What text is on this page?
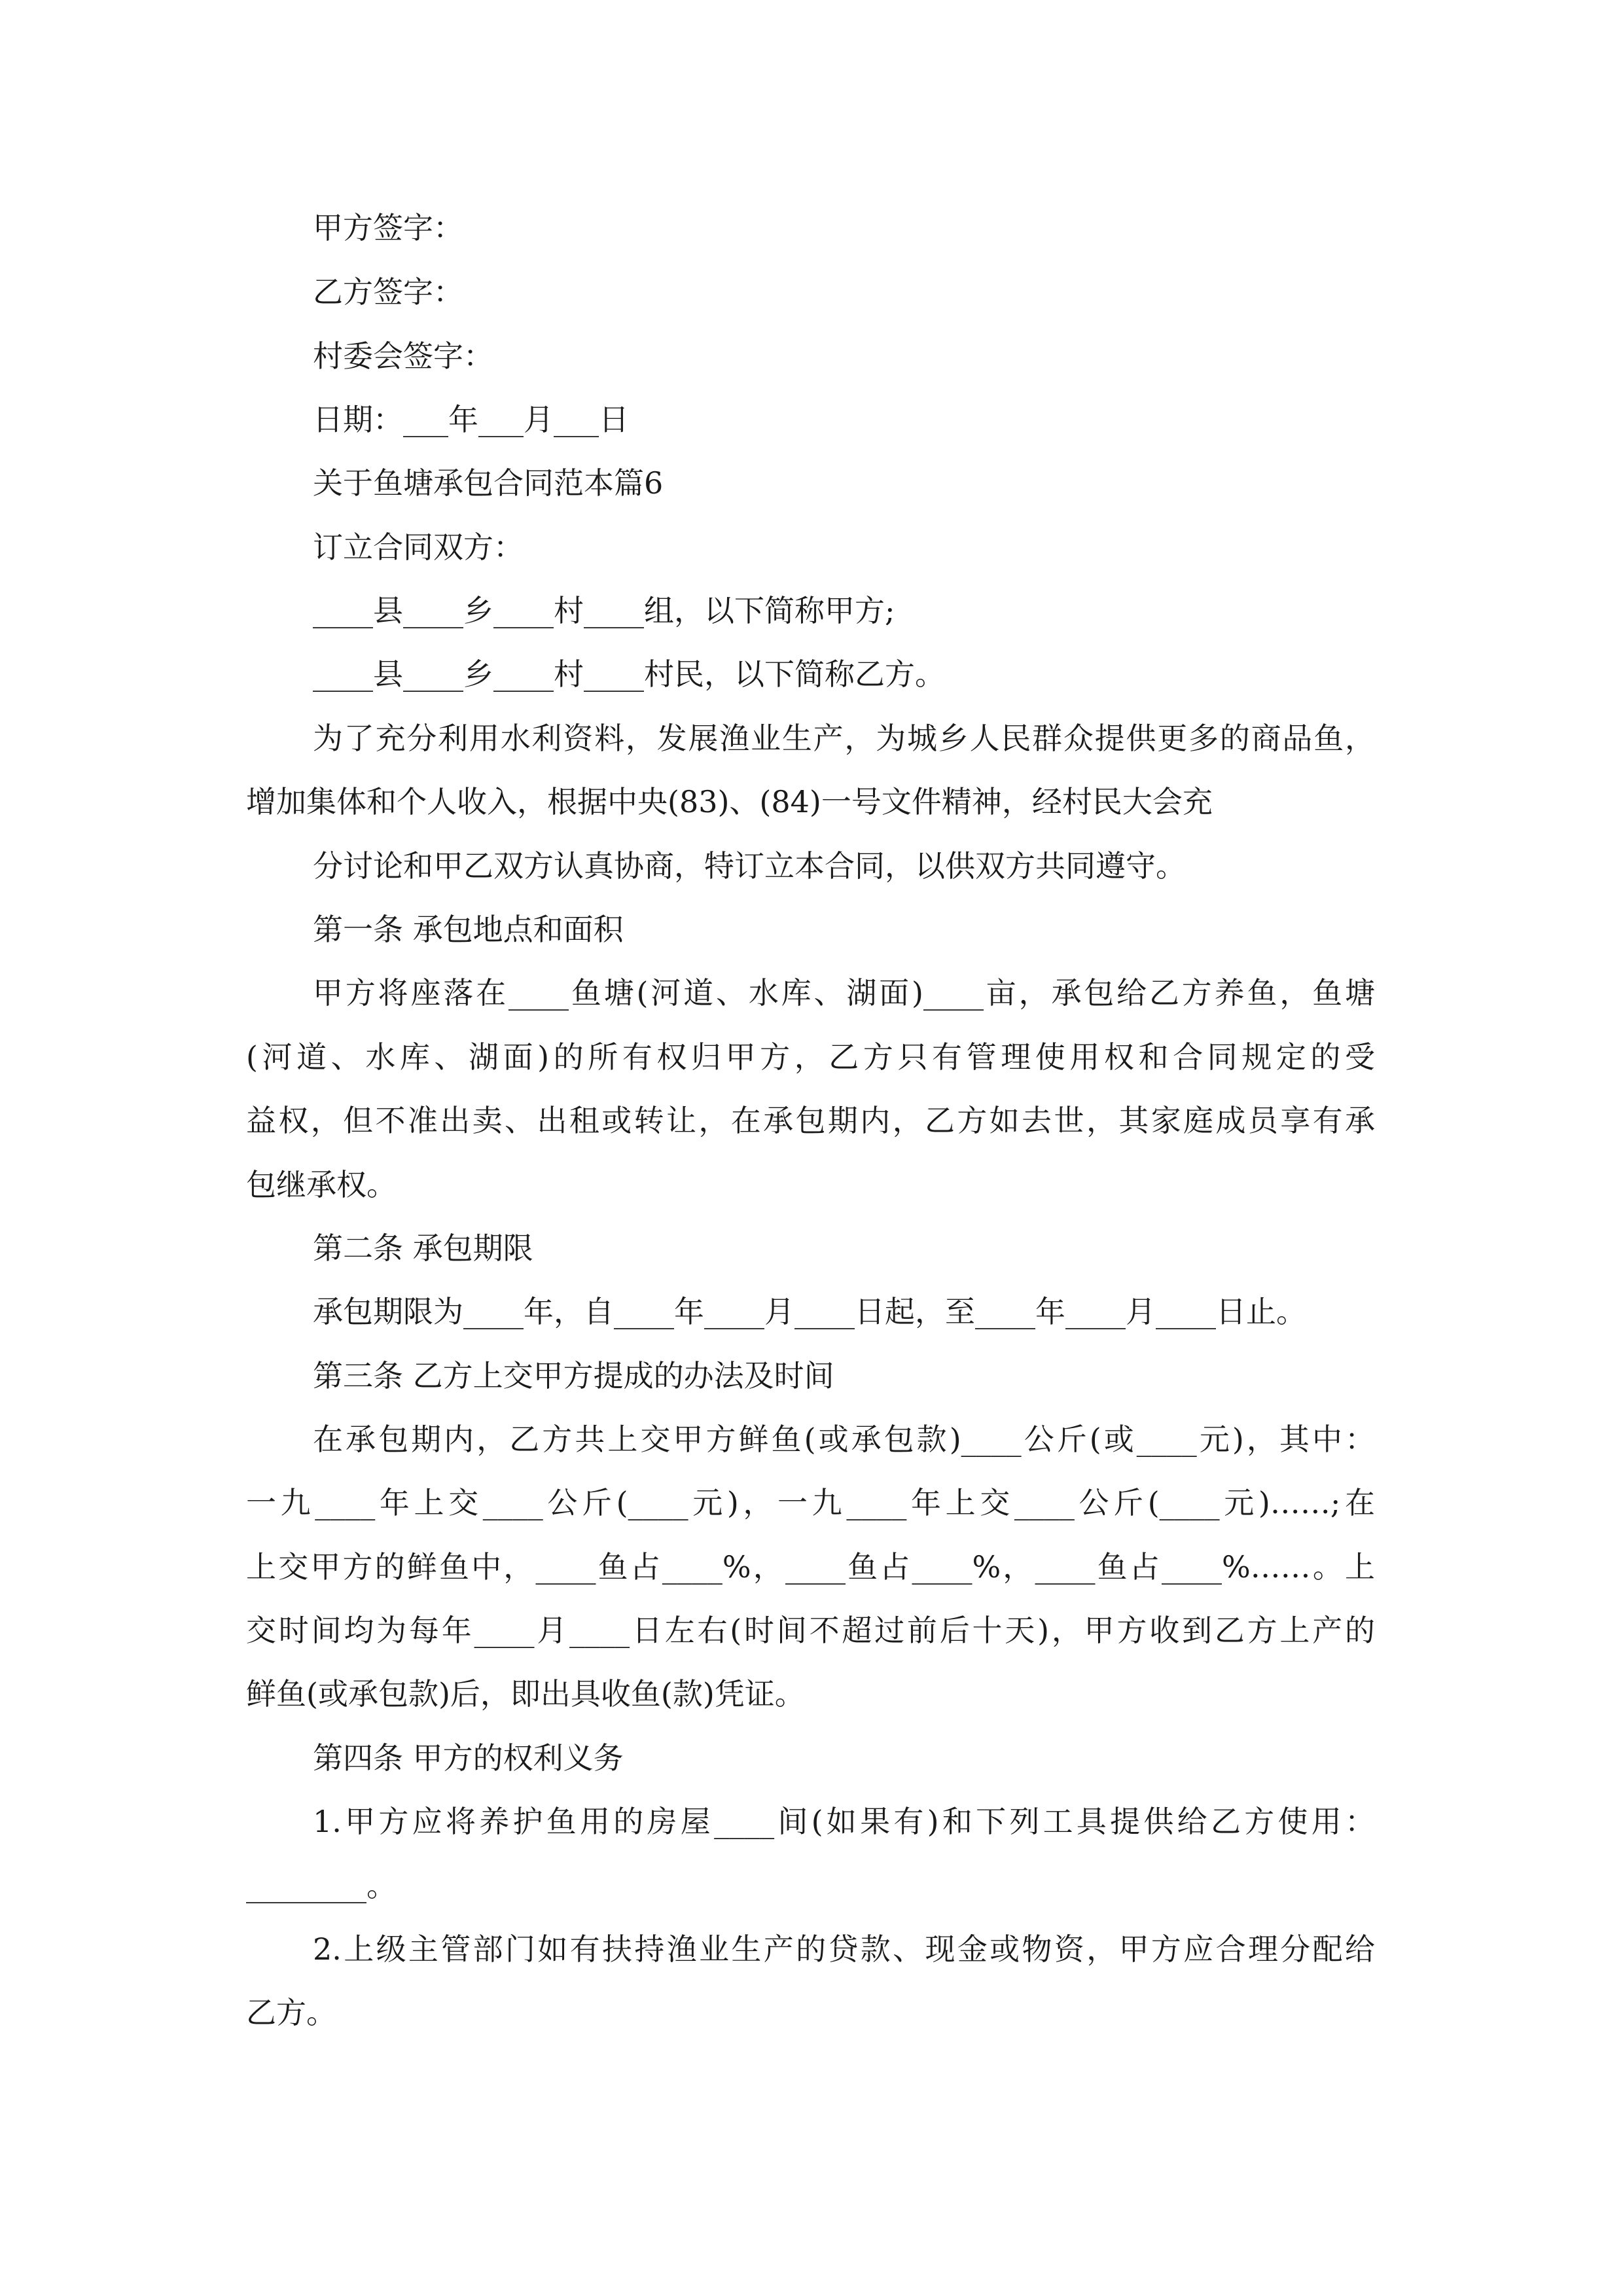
甲方签字：

乙方签字：

村委会签字：

日期：___年___月___日

关于鱼塘承包合同范本篇6

订立合同双方：

____县____乡____村____组，以下简称甲方;

____县____乡____村____村民，以下简称乙方。

为了充分利用水利资料，发展渔业生产，为城乡人民群众提供更多的商品鱼，

增加集体和个人收入，根据中央(83)、(84)一号文件精神，经村民大会充

分讨论和甲乙双方认真协商，特订立本合同，以供双方共同遵守。

第一条 承包地点和面积

甲方将座落在____鱼塘(河道、水库、湖面)____亩，承包给乙方养鱼，鱼塘

(河道、水库、湖面)的所有权归甲方，乙方只有管理使用权和合同规定的受

益权，但不准出卖、出租或转让，在承包期内，乙方如去世，其家庭成员享有承

包继承权。

第二条 承包期限

承包期限为____年，自____年____月____日起，至____年____月____日止。

第三条 乙方上交甲方提成的办法及时间

在承包期内，乙方共上交甲方鲜鱼(或承包款)____公斤(或____元)，其中：

一九____年上交____公斤(____元)，一九____年上交____公斤(____元)……;在

上交甲方的鲜鱼中，____鱼占____%，____鱼占____%，____鱼占____%……。上

交时间均为每年____月____日左右(时间不超过前后十天)，甲方收到乙方上产的

鲜鱼(或承包款)后，即出具收鱼(款)凭证。

第四条 甲方的权利义务

1.甲方应将养护鱼用的房屋____间(如果有)和下列工具提供给乙方使用：

________。

2.上级主管部门如有扶持渔业生产的贷款、现金或物资，甲方应合理分配给

乙方。
